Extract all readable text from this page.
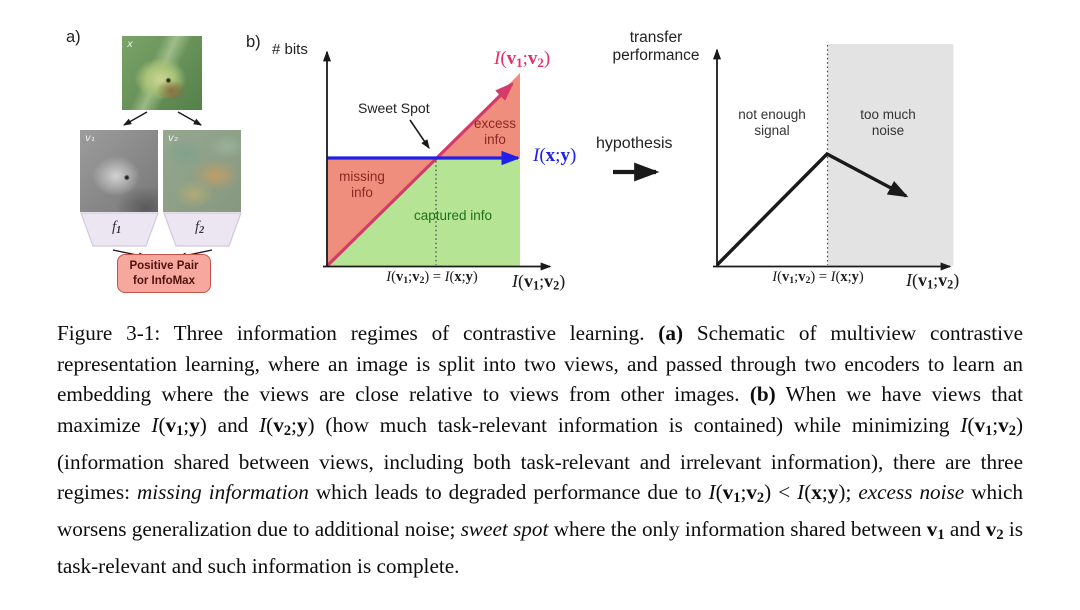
a)	x
v₁	v₂
f1	f2
Positive Pair
for InfoMax
b) # bits
Sweet Spot
missing info
excess info
captured info
I(v1;v2)
I(x;y)
I(v1;v2) = I(x;y)	I(v1;v2)
hypothesis
transfer performance
not enough signal
too much noise
I(v1;v2) = I(x;y)	I(v1;v2)
Figure 3-1: Three information regimes of contrastive learning. (a) Schematic of multiview contrastive representation learning, where an image is split into two views, and passed through two encoders to learn an embedding where the views are close relative to views from other images. (b) When we have views that maximize I(v1;y) and I(v2;y) (how much task-relevant information is contained) while minimizing I(v1;v2) (information shared between views, including both task-relevant and irrelevant information), there are three regimes: missing information which leads to degraded performance due to I(v1;v2) < I(x;y); excess noise which worsens generalization due to additional noise; sweet spot where the only information shared between v1 and v2 is task-relevant and such information is complete.
